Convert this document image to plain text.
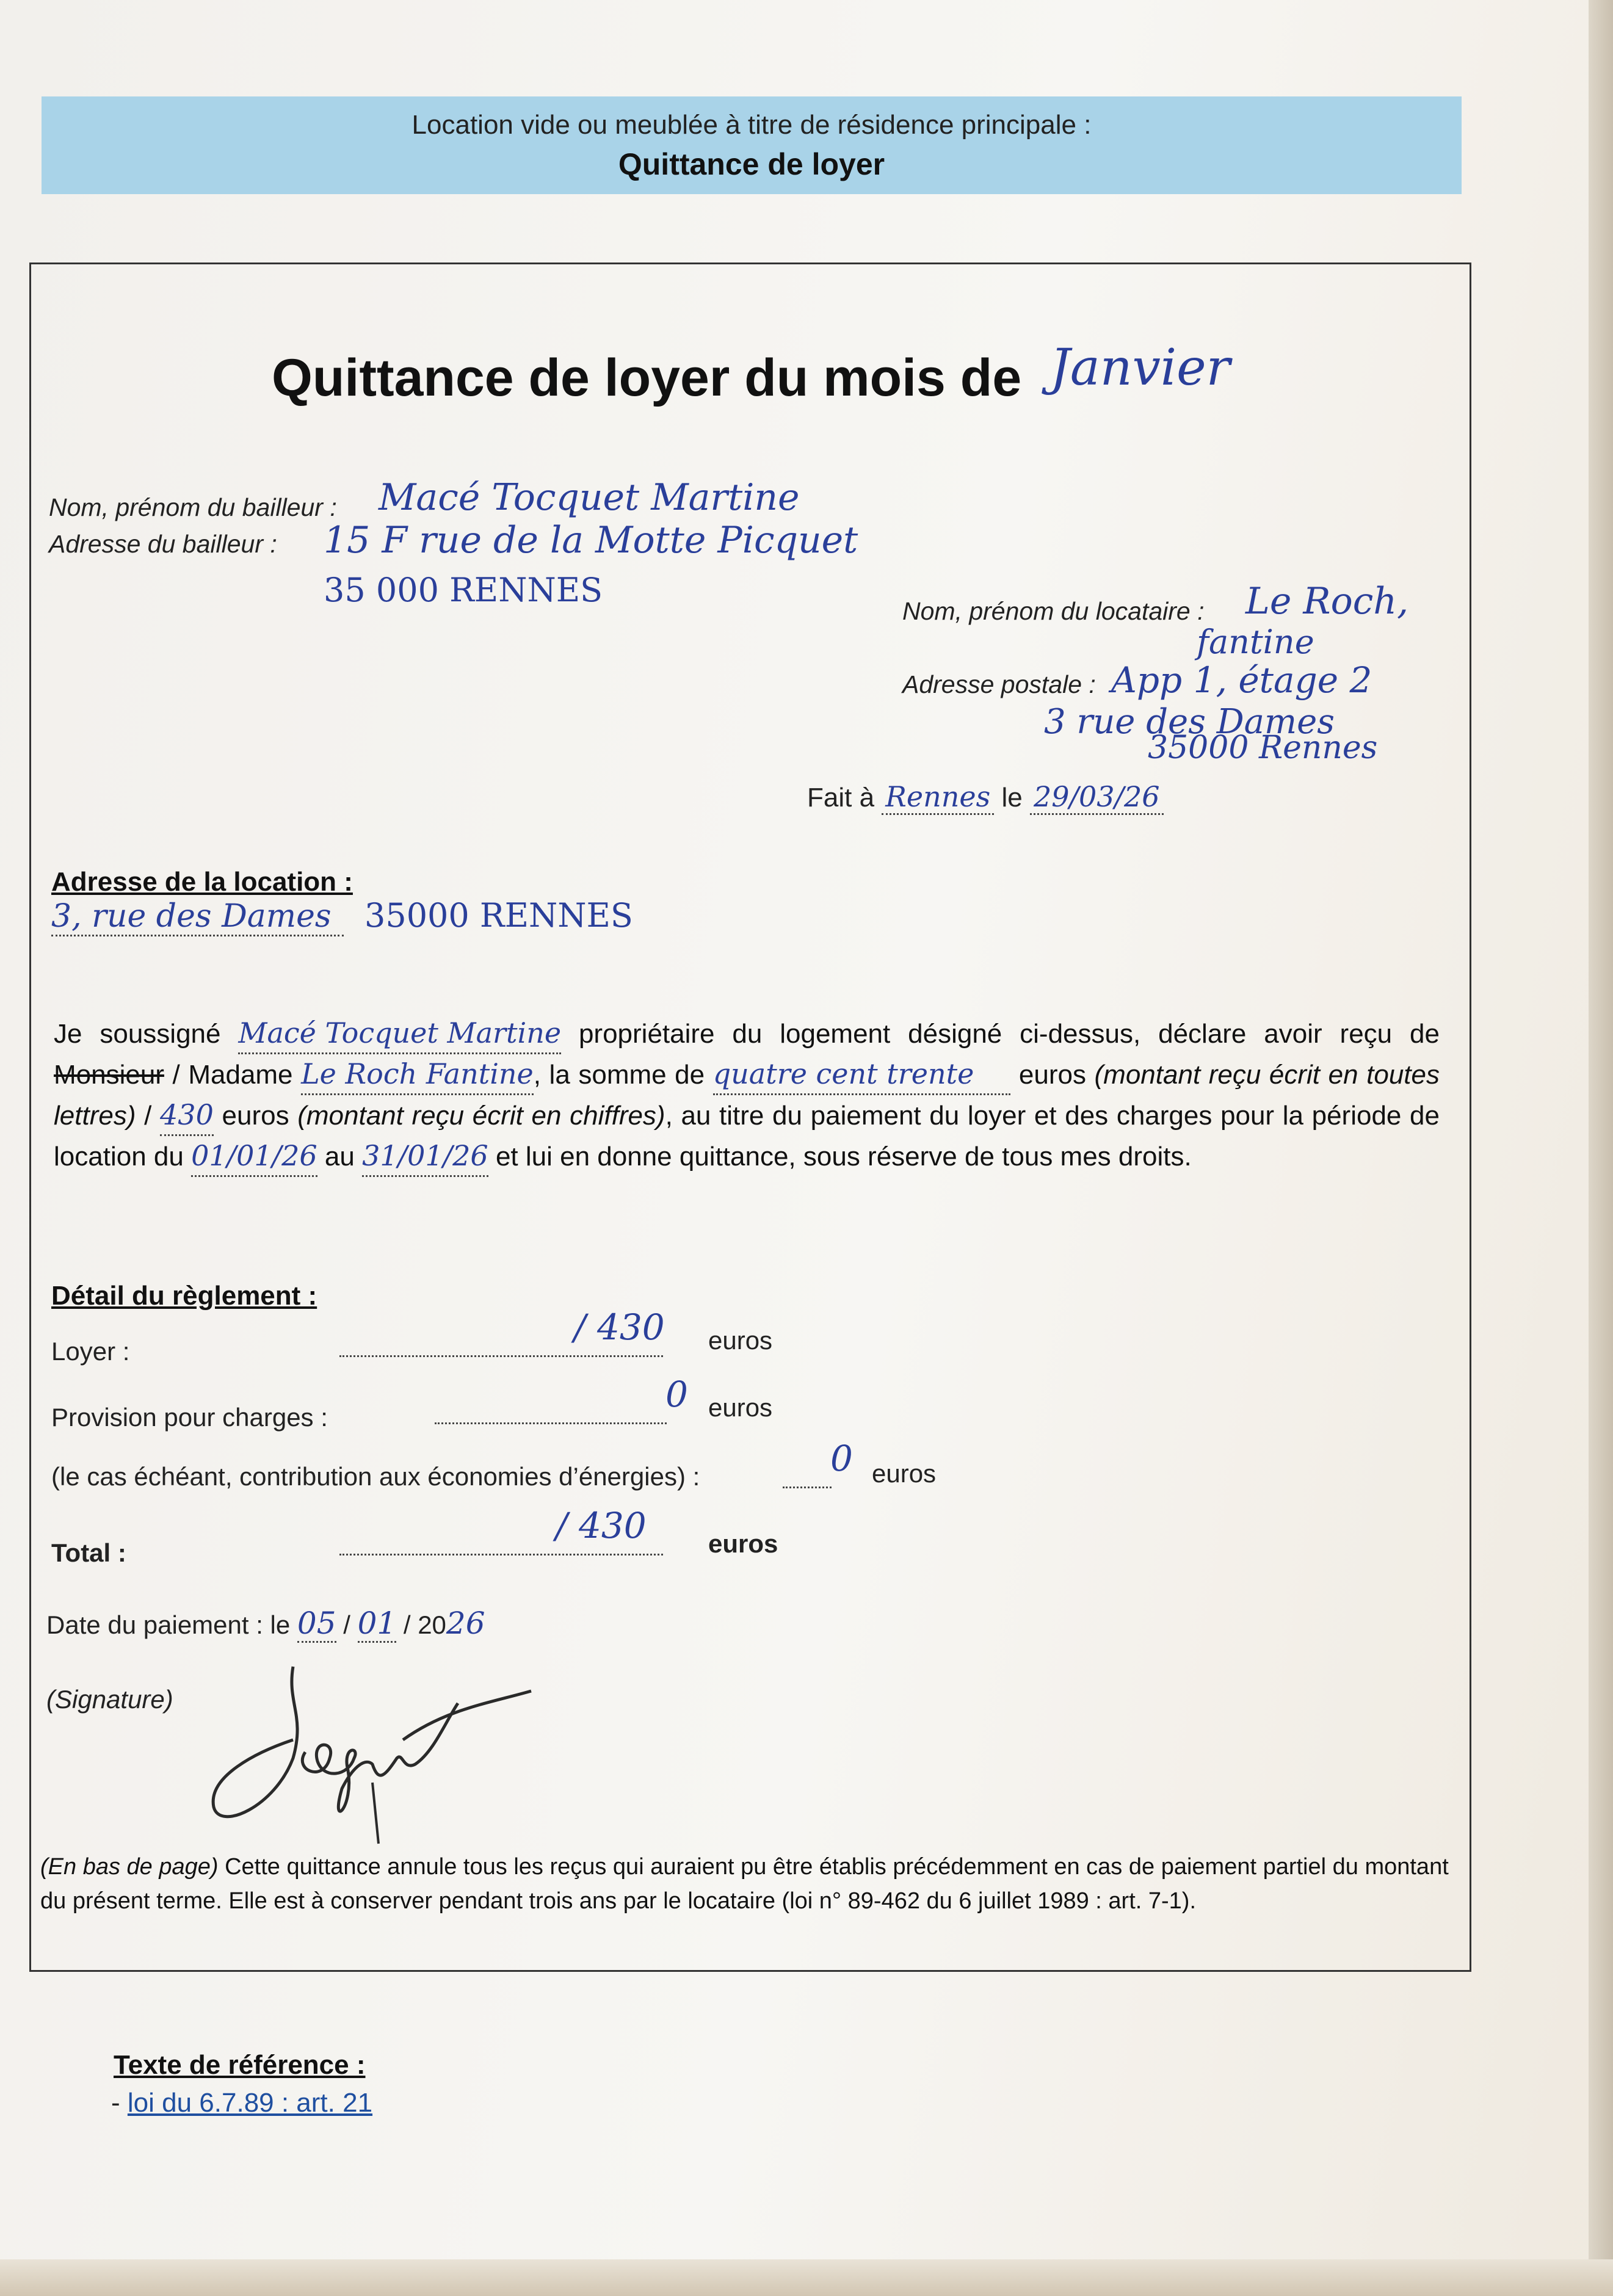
Location vide ou meublée à titre de résidence principale :
Quittance de loyer
Quittance de loyer du mois de Janvier
Nom, prénom du bailleur : Macé Tocquet Martine
Adresse du bailleur : 15 F rue de la Motte Picquet
35 000 RENNES
Nom, prénom du locataire : Le Roch,
fantine
Adresse postale : App 1, étage 2
3 rue des Dames
35000 Rennes
Fait à Rennes le 29/03/26
Adresse de la location :
3, rue des Dames 35000 RENNES
Je soussigné Macé Tocquet Martine propriétaire du logement désigné ci-dessus, déclare avoir reçu de Monsieur / Madame Le Roch Fantine, la somme de quatre cent trente euros (montant reçu écrit en toutes lettres) / 430 euros (montant reçu écrit en chiffres), au titre du paiement du loyer et des charges pour la période de location du 01/01/26 au 31/01/26 et lui en donne quittance, sous réserve de tous mes droits.
Détail du règlement :
Loyer :
/ 430 euros
Provision pour charges :
0 euros
(le cas échéant, contribution aux économies d’énergies) :	0 euros
Total :
/ 430 euros
Date du paiement : le 05 / 01 / 2026
(Signature)
(En bas de page) Cette quittance annule tous les reçus qui auraient pu être établis précédemment en cas de paiement partiel du montant du présent terme. Elle est à conserver pendant trois ans par le locataire (loi n° 89-462 du 6 juillet 1989 : art. 7-1).
Texte de référence :
- loi du 6.7.89 : art. 21
